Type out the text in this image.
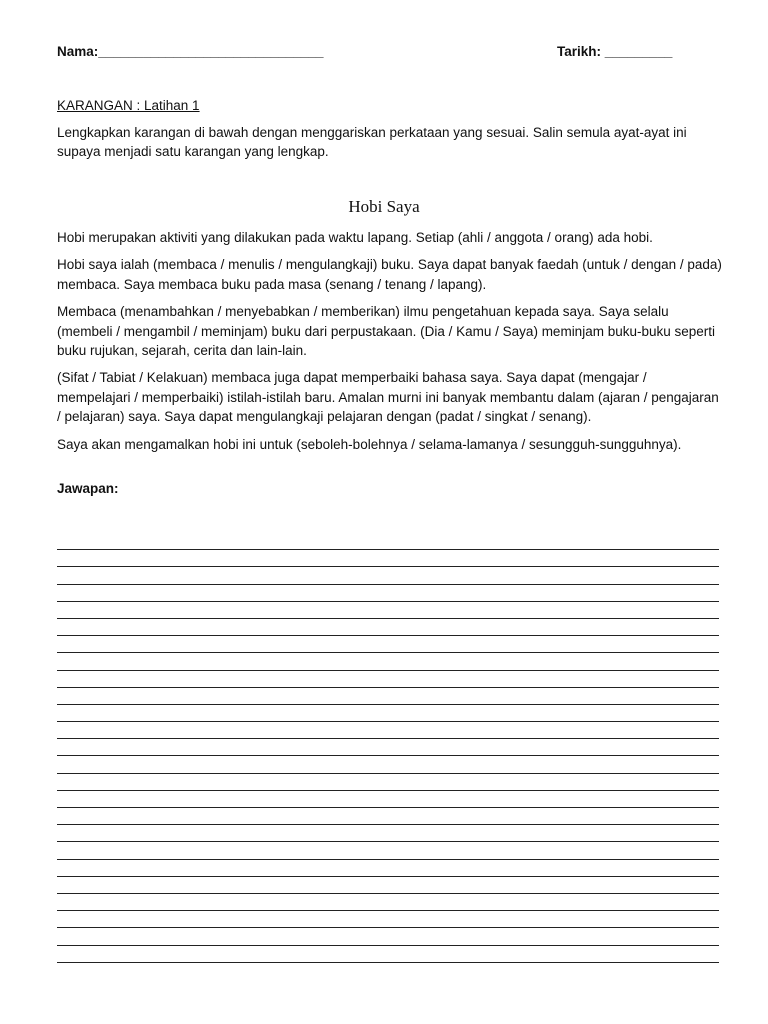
Nama:______________________________	Tarikh: _________
KARANGAN : Latihan 1

Lengkapkan karangan di bawah dengan menggariskan perkataan yang sesuai. Salin semula ayat-ayat ini supaya menjadi satu karangan yang lengkap.

Hobi Saya

Hobi merupakan aktiviti yang dilakukan pada waktu lapang. Setiap (ahli / anggota / orang) ada hobi.

Hobi saya ialah (membaca / menulis / mengulangkaji) buku. Saya dapat banyak faedah (untuk / dengan / pada) membaca. Saya membaca buku pada masa (senang / tenang / lapang).

Membaca (menambahkan / menyebabkan / memberikan) ilmu pengetahuan kepada saya. Saya selalu (membeli / mengambil / meminjam) buku dari perpustakaan. (Dia / Kamu / Saya) meminjam buku-buku seperti buku rujukan, sejarah, cerita dan lain-lain.

(Sifat / Tabiat / Kelakuan) membaca juga dapat memperbaiki bahasa saya. Saya dapat (mengajar / mempelajari / memperbaiki) istilah-istilah baru. Amalan murni ini banyak membantu dalam (ajaran / pengajaran / pelajaran) saya. Saya dapat mengulangkaji pelajaran dengan (padat / singkat / senang).

Saya akan mengamalkan hobi ini untuk (seboleh-bolehnya / selama-lamanya / sesungguh-sungguhnya).

Jawapan:
